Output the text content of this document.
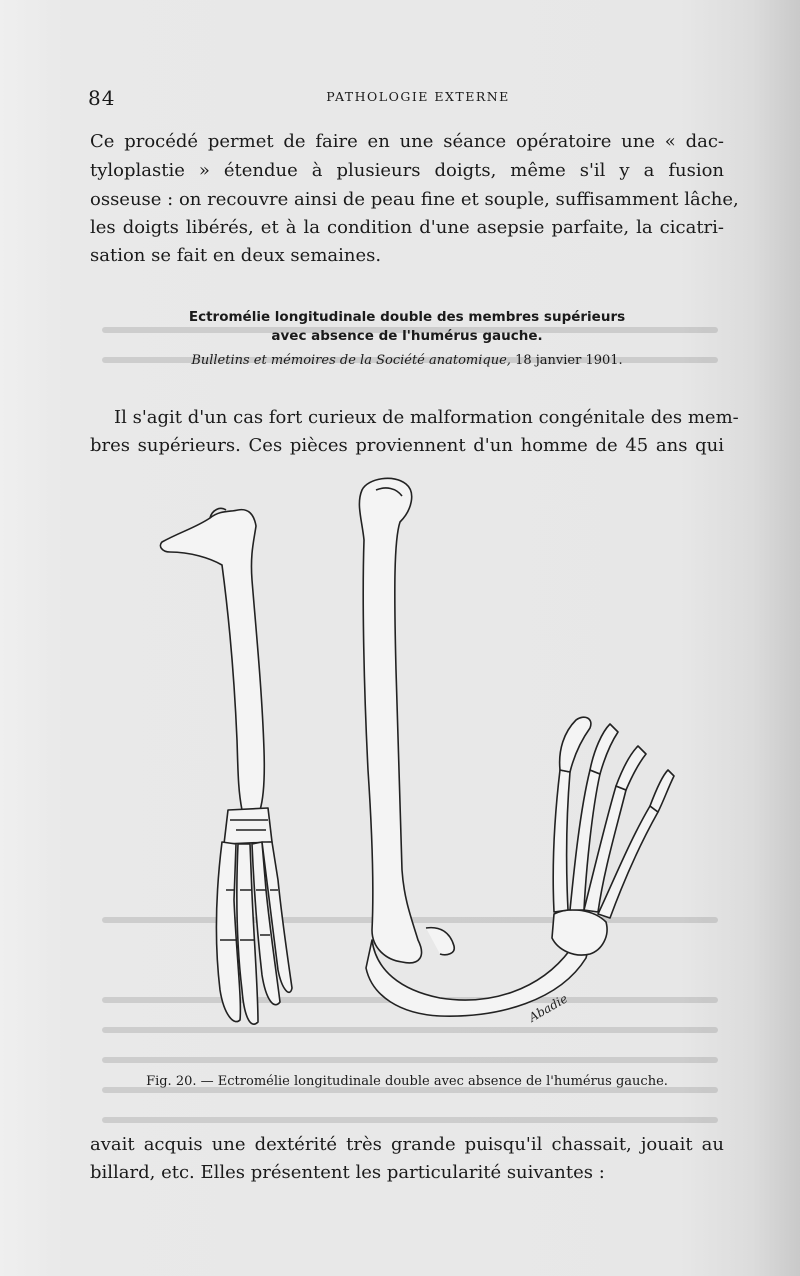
84	PATHOLOGIE EXTERNE
Ce procédé permet de faire en une séance opératoire une « dac-
tyloplastie » étendue à plusieurs doigts, même s'il y a fusion
osseuse : on recouvre ainsi de peau fine et souple, suffisamment lâche,
les doigts libérés, et à la condition d'une asepsie parfaite, la cicatri-
sation se fait en deux semaines.
Ectromélie longitudinale double des membres supérieurs
avec absence de l'humérus gauche.
Bulletins et mémoires de la Société anatomique, 18 janvier 1901.
Il s'agit d'un cas fort curieux de malformation congénitale des mem-
bres supérieurs. Ces pièces proviennent d'un homme de 45 ans qui
Abadie
Fig. 20. — Ectromélie longitudinale double avec absence de l'humérus gauche.
avait acquis une dextérité très grande puisqu'il chassait, jouait au
billard, etc. Elles présentent les particularité suivantes :
